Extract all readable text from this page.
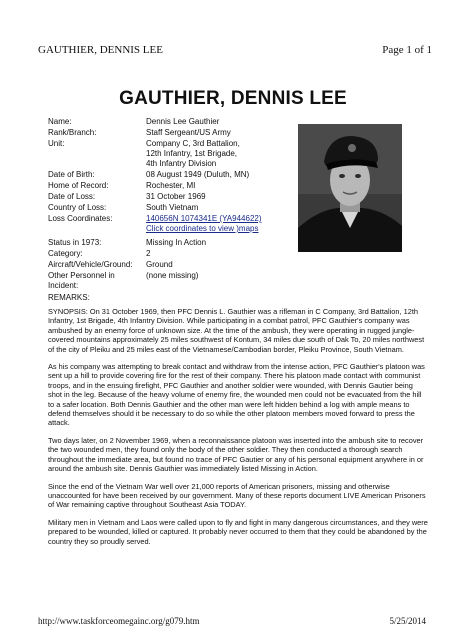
GAUTHIER, DENNIS LEE	Page 1 of 1
GAUTHIER, DENNIS LEE
Name:	Dennis Lee Gauthier
Rank/Branch:	Staff Sergeant/US Army
Unit:	Company C, 3rd Battalion,
12th Infantry, 1st Brigade,
4th Infantry Division
Date of Birth:	08 August 1949 (Duluth, MN)
Home of Record:	Rochester, MI
Date of Loss:	31 October 1969
Country of Loss:	South Vietnam
Loss Coordinates:	140656N 1074341E (YA944622)
Click coordinates to view )maps
Status in 1973:	Missing In Action
Category:	2
Aircraft/Vehicle/Ground:	Ground
Other Personnel in Incident:
(none missing)
REMARKS:

SYNOPSIS: On 31 October 1969, then PFC Dennis L. Gauthier was a rifleman in C Company, 3rd Battalion, 12th Infantry, 1st Brigade, 4th Infantry Division. While participating in a combat patrol, PFC Gauthier's company was ambushed by an enemy force of unknown size. At the time of the ambush, they were operating in rugged jungle-covered mountains approximately 25 miles southwest of Kontum, 34 miles due south of Dak To, 20 miles northwest of the city of Pleiku and 25 miles east of the Vietnamese/Cambodian border, Pleiku Province, South Vietnam.

As his company was attempting to break contact and withdraw from the intense action, PFC Gauthier's platoon was sent up a hill to provide covering fire for the rest of their company. There his platoon made contact with communist troops, and in the ensuing firefight, PFC Gauthier and another soldier were wounded, with Dennis Gautier being shot in the leg. Because of the heavy volume of enemy fire, the wounded men could not be evacuated from the hill to a safer location. Both Dennis Gauthier and the other man were left hidden behind a log with ample means to defend themselves should it be necessary to do so while the other platoon members moved forward to press the attack.

Two days later, on 2 November 1969, when a reconnaissance platoon was inserted into the ambush site to recover the two wounded men, they found only the body of the other soldier. They then conducted a thorough search throughout the immediate area, but found no trace of PFC Gautier or any of his personal equipment anywhere in or around the ambush site. Dennis Gauthier was immediately listed Missing in Action.

Since the end of the Vietnam War well over 21,000 reports of American prisoners, missing and otherwise unaccounted for have been received by our government. Many of these reports document LIVE American Prisoners of War remaining captive throughout Southeast Asia TODAY.

Military men in Vietnam and Laos were called upon to fly and fight in many dangerous circumstances, and they were prepared to be wounded, killed or captured. It probably never occurred to them that they could be abandoned by the country they so proudly served.

http://www.taskforceomegainc.org/g079.htm	5/25/2014
